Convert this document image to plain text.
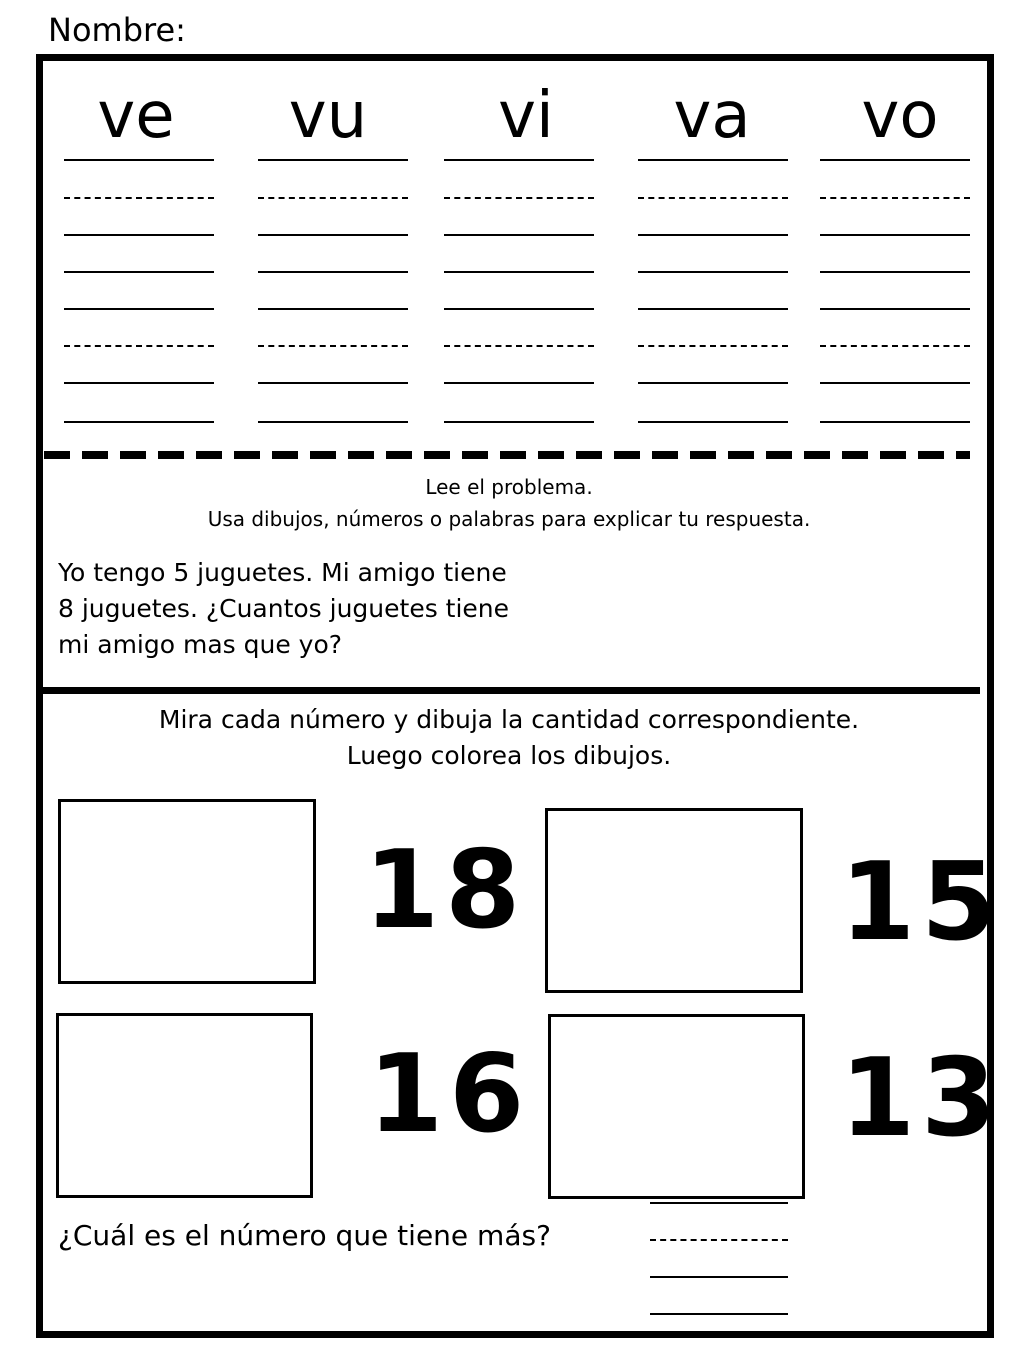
Nombre:
ve	vu	vi	va	vo
Lee el problema.
Usa dibujos, números o palabras para explicar tu respuesta.
Yo tengo 5 juguetes. Mi amigo tiene
8 juguetes. ¿Cuantos juguetes tiene
mi amigo mas que yo?
Mira cada número y dibuja la cantidad correspondiente.
Luego colorea los dibujos.
18	15
16	13
¿Cuál es el número que tiene más?
